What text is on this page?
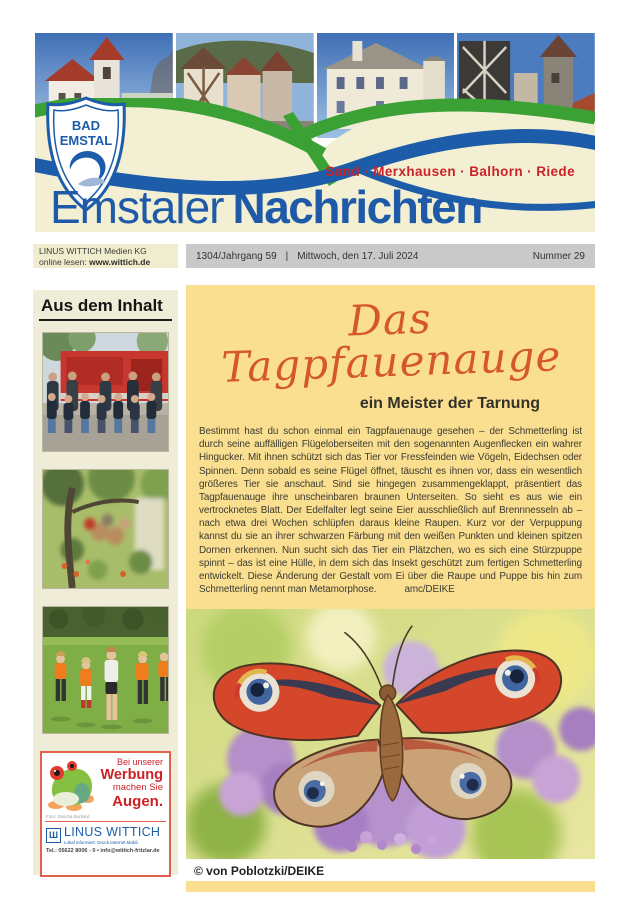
BAD
EMSTAL
Sand · Merxhausen · Balhorn · Riede
Emstaler Nachrichten
LINUS WITTICH Medien KG
online lesen: www.wittich.de
1304/Jahrgang 59 | Mittwoch, den 17. Juli 2024	Nummer 29
Aus dem Inhalt
Bei unserer
Werbung
machen Sie
Augen.
Foto: Sascha Burkard
Ш LINUS WITTICH
Lokal informiert. Druck.Internet.Mobil.
Tel.: 05622 8006 - 0 • info@wittich-fritzlar.de
Das Tagpfauenauge
ein Meister der Tarnung

Bestimmt hast du schon einmal ein Tagpfauenauge gesehen – der Schmetterling ist durch seine auffälligen Flügeloberseiten mit den sogenannten Augenflecken ein wahrer Hingucker. Mit ihnen schützt sich das Tier vor Fressfeinden wie Vögeln, Eidechsen oder Spinnen. Denn sobald es seine Flügel öffnet, täuscht es ihnen vor, dass ein wesentlich größeres Tier sie anschaut. Sind sie hingegen zusammengeklappt, präsentiert das Tagpfauenauge ihre unscheinbaren braunen Unterseiten. So sieht es aus wie ein vertrocknetes Blatt. Der Edelfalter legt seine Eier ausschließlich auf Brennnesseln ab – nach etwa drei Wochen schlüpfen daraus kleine Raupen. Kurz vor der Verpuppung kannst du sie an ihrer schwarzen Färbung mit den weißen Punkten und kleinen spitzen Dornen erkennen. Nun sucht sich das Tier ein Plätzchen, wo es sich eine Stürzpuppe spinnt – das ist eine Hülle, in dem sich das Insekt geschützt zum fertigen Schmetterling entwickelt. Diese Änderung der Gestalt vom Ei über die Raupe und Puppe bis hin zum Schmetterling nennt man Metamorphose.	amc/DEIKE

© von Poblotzki/DEIKE
